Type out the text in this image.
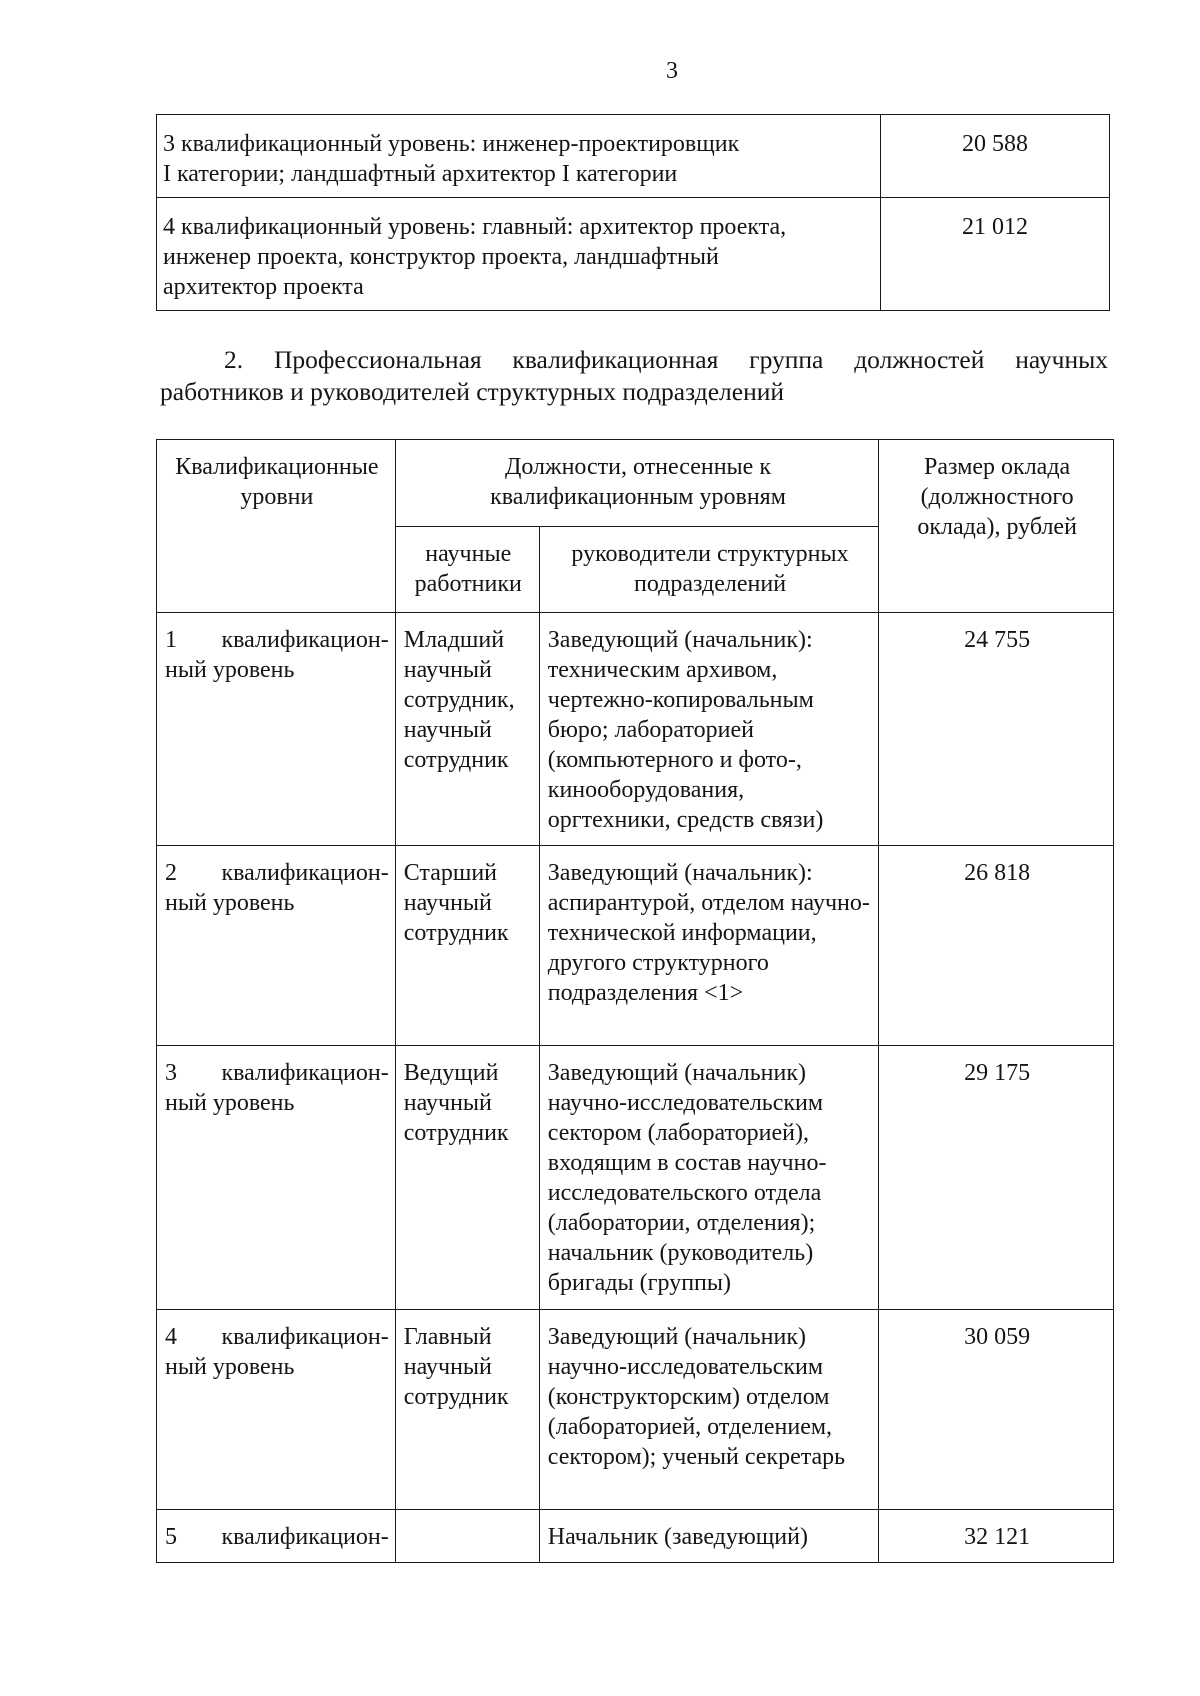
3
3 квалификационный уровень: инженер-проектировщик
I категории; ландшафтный архитектор I категории	20 588

4 квалификационный уровень: главный: архитектор проекта,
инженер проекта, конструктор проекта, ландшафтный
архитектор проекта	21 012
2. Профессиональная квалификационная группа должностей научных работников и руководителей структурных подразделений
Квалификационные уровни	Должности, отнесенные к квалификационным уровням		Размер оклада (должностного оклада), рублей
	научные работники	руководители структурных подразделений	

1 квалификацион-
ный уровень	Младший научный сотрудник, научный сотрудник	Заведующий (начальник): техническим архивом, чертежно-копировальным бюро; лабораторией (компьютерного и фото-, кинооборудования, оргтехники, средств связи)	24 755

2 квалификацион-
ный уровень	Старший научный сотрудник	Заведующий (начальник): аспирантурой, отделом научно-технической информации, другого структурного подразделения <1>	26 818

3 квалификацион-
ный уровень	Ведущий научный сотрудник	Заведующий (начальник) научно-исследовательским сектором (лабораторией), входящим в состав научно-исследовательского отдела (лаборатории, отделения); начальник (руководитель) бригады (группы)	29 175

4 квалификацион-
ный уровень	Главный научный сотрудник	Заведующий (начальник) научно-исследовательским (конструкторским) отделом (лабораторией, отделением, сектором); ученый секретарь	30 059

5 квалификацион-		Начальник (заведующий)	32 121
